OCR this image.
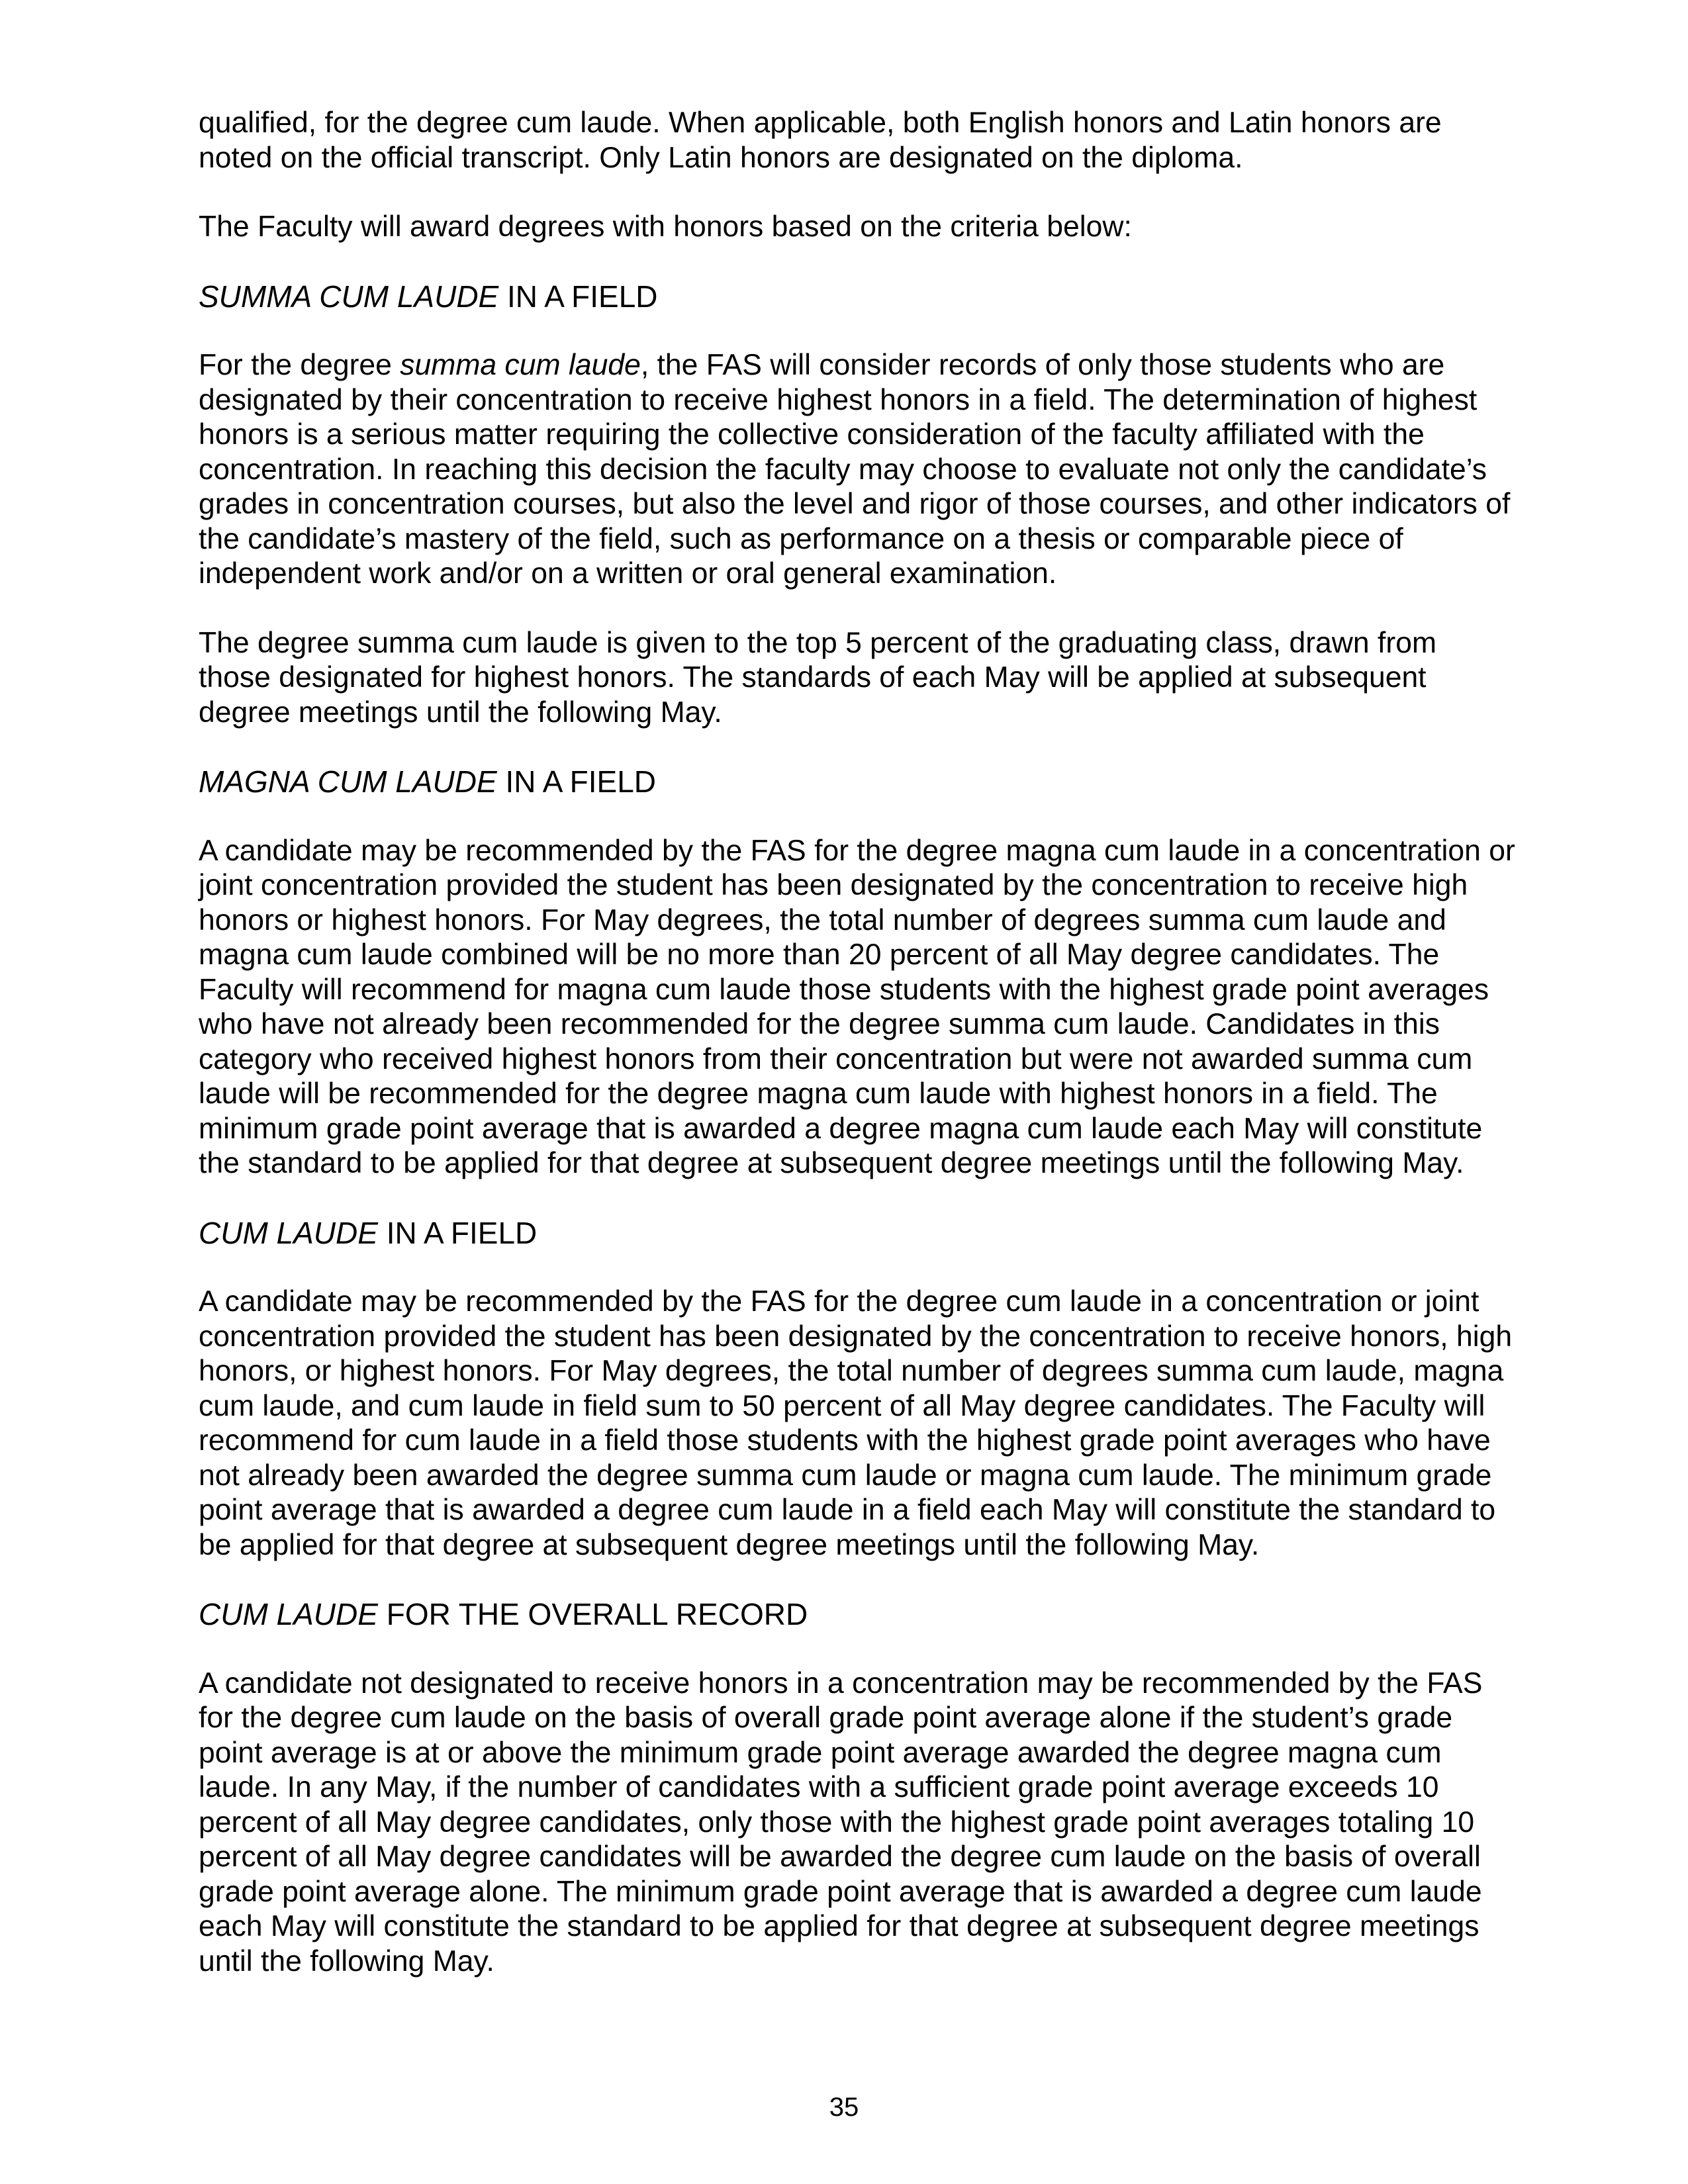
qualified, for the degree cum laude. When applicable, both English honors and Latin honors are noted on the official transcript. Only Latin honors are designated on the diploma.

The Faculty will award degrees with honors based on the criteria below:

SUMMA CUM LAUDE IN A FIELD

For the degree summa cum laude, the FAS will consider records of only those students who are designated by their concentration to receive highest honors in a field. The determination of highest honors is a serious matter requiring the collective consideration of the faculty affiliated with the concentration. In reaching this decision the faculty may choose to evaluate not only the candidate’s grades in concentration courses, but also the level and rigor of those courses, and other indicators of the candidate’s mastery of the field, such as performance on a thesis or comparable piece of independent work and/or on a written or oral general examination.

The degree summa cum laude is given to the top 5 percent of the graduating class, drawn from those designated for highest honors. The standards of each May will be applied at subsequent degree meetings until the following May.

MAGNA CUM LAUDE IN A FIELD

A candidate may be recommended by the FAS for the degree magna cum laude in a concentration or joint concentration provided the student has been designated by the concentration to receive high honors or highest honors. For May degrees, the total number of degrees summa cum laude and magna cum laude combined will be no more than 20 percent of all May degree candidates. The Faculty will recommend for magna cum laude those students with the highest grade point averages who have not already been recommended for the degree summa cum laude. Candidates in this category who received highest honors from their concentration but were not awarded summa cum laude will be recommended for the degree magna cum laude with highest honors in a field. The minimum grade point average that is awarded a degree magna cum laude each May will constitute the standard to be applied for that degree at subsequent degree meetings until the following May.

CUM LAUDE IN A FIELD

A candidate may be recommended by the FAS for the degree cum laude in a concentration or joint concentration provided the student has been designated by the concentration to receive honors, high honors, or highest honors. For May degrees, the total number of degrees summa cum laude, magna cum laude, and cum laude in field sum to 50 percent of all May degree candidates. The Faculty will recommend for cum laude in a field those students with the highest grade point averages who have not already been awarded the degree summa cum laude or magna cum laude. The minimum grade point average that is awarded a degree cum laude in a field each May will constitute the standard to be applied for that degree at subsequent degree meetings until the following May.

CUM LAUDE FOR THE OVERALL RECORD

A candidate not designated to receive honors in a concentration may be recommended by the FAS for the degree cum laude on the basis of overall grade point average alone if the student’s grade point average is at or above the minimum grade point average awarded the degree magna cum laude. In any May, if the number of candidates with a sufficient grade point average exceeds 10 percent of all May degree candidates, only those with the highest grade point averages totaling 10 percent of all May degree candidates will be awarded the degree cum laude on the basis of overall grade point average alone. The minimum grade point average that is awarded a degree cum laude each May will constitute the standard to be applied for that degree at subsequent degree meetings until the following May.

35
